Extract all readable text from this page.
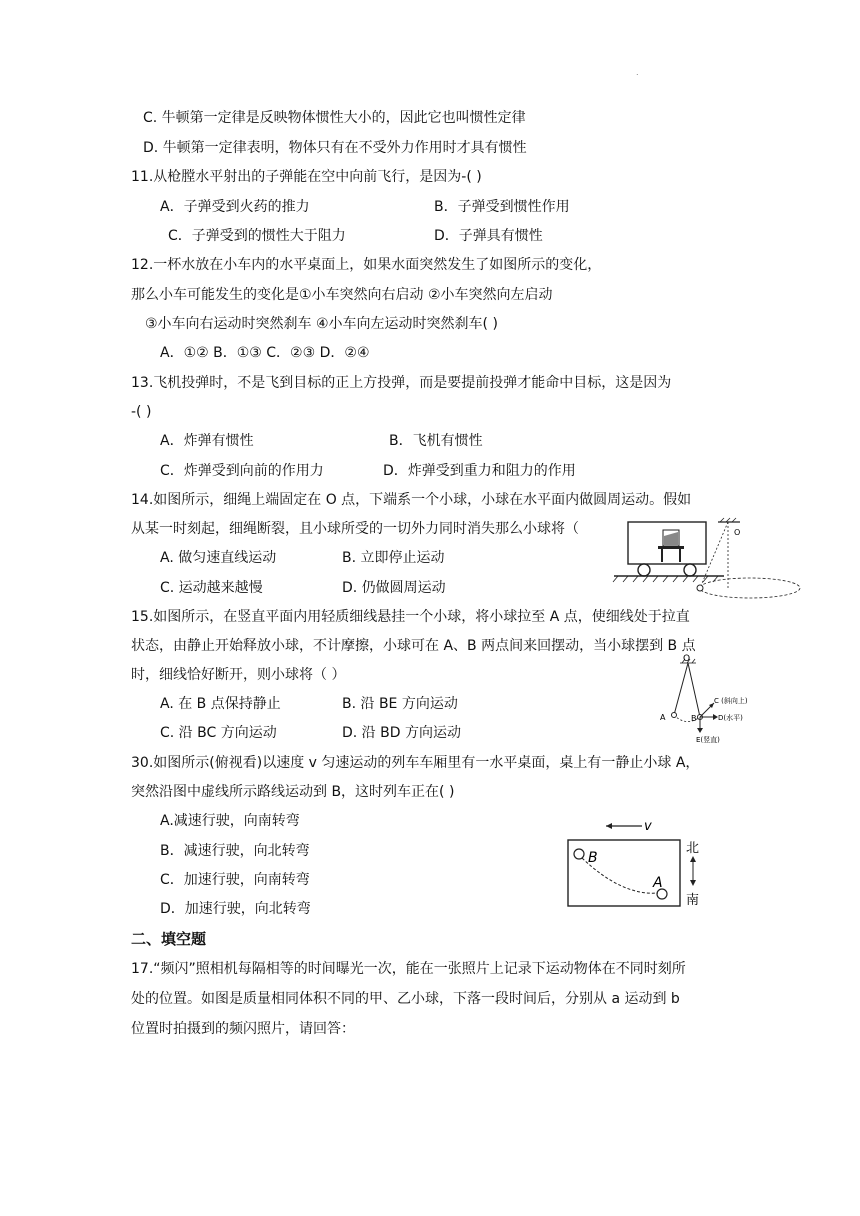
.
C. 牛顿第一定律是反映物体惯性大小的，因此它也叫惯性定律
D. 牛顿第一定律表明，物体只有在不受外力作用时才具有惯性
11.从枪膛水平射出的子弹能在空中向前飞行，是因为-( )
A．子弹受到火药的推力	B．子弹受到惯性作用
C．子弹受到的惯性大于阻力	D．子弹具有惯性
12.一杯水放在小车内的水平桌面上，如果水面突然发生了如图所示的变化，
那么小车可能发生的变化是①小车突然向右启动 ②小车突然向左启动
③小车向右运动时突然刹车 ④小车向左运动时突然刹车( )
A．①② B．①③ C．②③ D．②④
13.飞机投弹时，不是飞到目标的正上方投弹，而是要提前投弹才能命中目标，这是因为
-( )
A．炸弹有惯性	B．飞机有惯性
C．炸弹受到向前的作用力	D．炸弹受到重力和阻力的作用
14.如图所示，细绳上端固定在 O 点，下端系一个小球，小球在水平面内做圆周运动。假如
从某一时刻起，细绳断裂，且小球所受的一切外力同时消失那么小球将（
A. 做匀速直线运动	B. 立即停止运动
C. 运动越来越慢	D. 仍做圆周运动
15.如图所示，在竖直平面内用轻质细线悬挂一个小球，将小球拉至 A 点，使细线处于拉直
状态，由静止开始释放小球，不计摩擦，小球可在 A、B 两点间来回摆动，当小球摆到 B 点
时，细线恰好断开，则小球将（ ）
A. 在 B 点保持静止	B. 沿 BE 方向运动
C. 沿 BC 方向运动	D. 沿 BD 方向运动
30.如图所示(俯视看)以速度 v 匀速运动的列车车厢里有一水平桌面，桌上有一静止小球 A，
突然沿图中虚线所示路线运动到 B，这时列车正在( )
A.减速行驶，向南转弯
B．减速行驶，向北转弯
C．加速行驶，向南转弯
D．加速行驶，向北转弯
二、填空题
17.“频闪”照相机每隔相等的时间曝光一次，能在一张照片上记录下运动物体在不同时刻所
处的位置。如图是质量相同体积不同的甲、乙小球，下落一段时间后，分别从 a 运动到 b
位置时拍摄到的频闪照片，请回答：
O
O
A	B
C (斜向上)
D(水平)
E(竖直)
v
B
A
北
南
